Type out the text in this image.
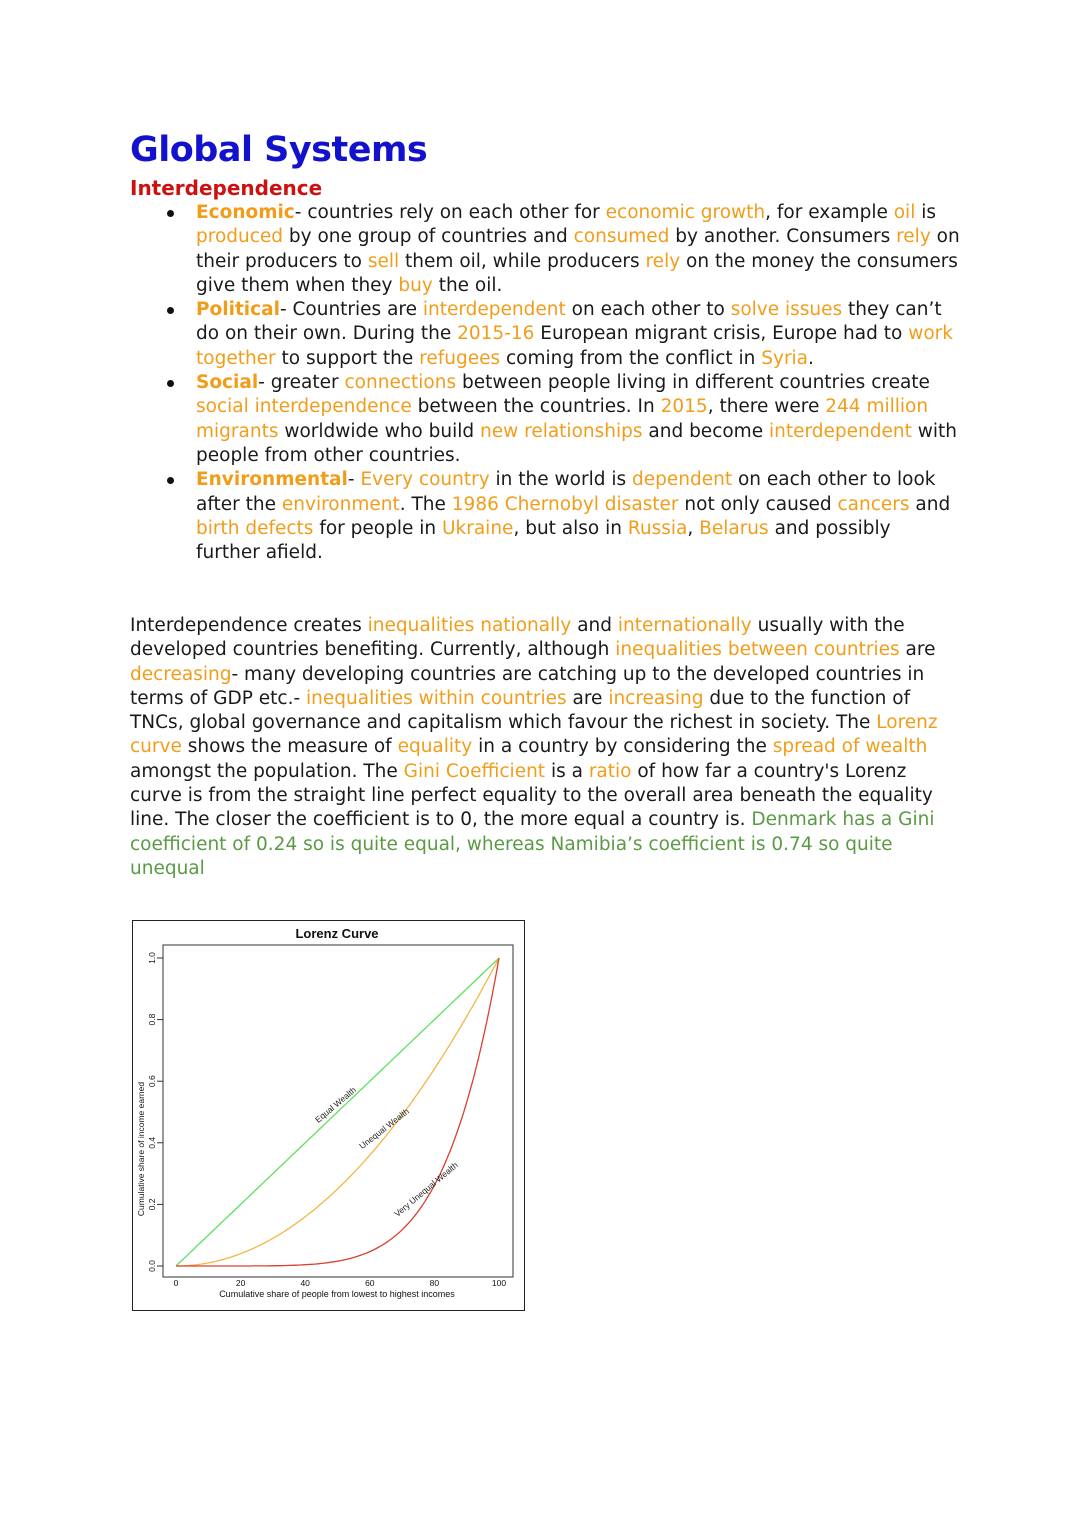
Global Systems
Interdependence
Economic- countries rely on each other for economic growth, for example oil is produced by one group of countries and consumed by another. Consumers rely on their producers to sell them oil, while producers rely on the money the consumers give them when they buy the oil.
Political- Countries are interdependent on each other to solve issues they can’t do on their own. During the 2015-16 European migrant crisis, Europe had to work together to support the refugees coming from the conflict in Syria.
Social- greater connections between people living in different countries create social interdependence between the countries. In 2015, there were 244 million migrants worldwide who build new relationships and become interdependent with people from other countries.
Environmental- Every country in the world is dependent on each other to look after the environment. The 1986 Chernobyl disaster not only caused cancers and birth defects for people in Ukraine, but also in Russia, Belarus and possibly further afield.

Interdependence creates inequalities nationally and internationally usually with the developed countries benefiting. Currently, although inequalities between countries are decreasing- many developing countries are catching up to the developed countries in terms of GDP etc.- inequalities within countries are increasing due to the function of TNCs, global governance and capitalism which favour the richest in society. The Lorenz curve shows the measure of equality in a country by considering the spread of wealth amongst the population. The Gini Coefficient is a ratio of how far a country's Lorenz curve is from the straight line perfect equality to the overall area beneath the equality line. The closer the coefficient is to 0, the more equal a country is. Denmark has a Gini coefficient of 0.24 so is quite equal, whereas Namibia’s coefficient is 0.74 so quite unequal

Lorenz Curve
0.0
0.2
0.4
0.6
0.8
1.0
0	20	40	60	80	100
Equal Wealth
Unequal Wealth
Very Unequal Wealth
Cumulative share of people from lowest to highest incomes
Cumulative share of income earned
